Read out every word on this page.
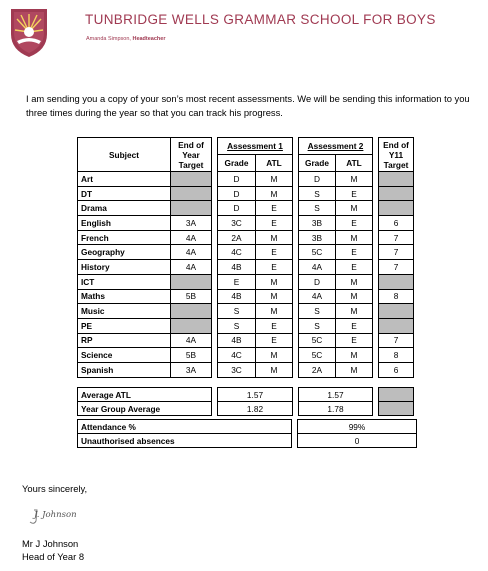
TUNBRIDGE WELLS GRAMMAR SCHOOL FOR BOYS
Amanda Simpson, Headteacher

I am sending you a copy of your son’s most recent assessments. We will be sending this information to you three times during the year so that you can track his progress.

Subject	End of Year Target		Assessment 1			Assessment 2			End of Y11 Target
			Grade	ATL		Grade	ATL		
Art			D	M		D	M		
DT			D	M		S	E		
Drama			D	E		S	M		
English	3A		3C	E		3B	E		6
French	4A		2A	M		3B	M		7
Geography	4A		4C	E		5C	E		7
History	4A		4B	E		4A	E		7
ICT			E	M		D	M		
Maths	5B		4B	M		4A	M		8
Music			S	M		S	M		
PE			S	E		S	E		
RP	4A		4B	E		5C	E		7
Science	5B		4C	M		5C	M		8
Spanish	3A		3C	M		2A	M		6
Average ATL		1.57		1.57		
Year Group Average		1.82		1.78		
Attendance %		99%
Unauthorised absences		0
Yours sincerely,
J. Johnson
Mr J Johnson
Head of Year 8
